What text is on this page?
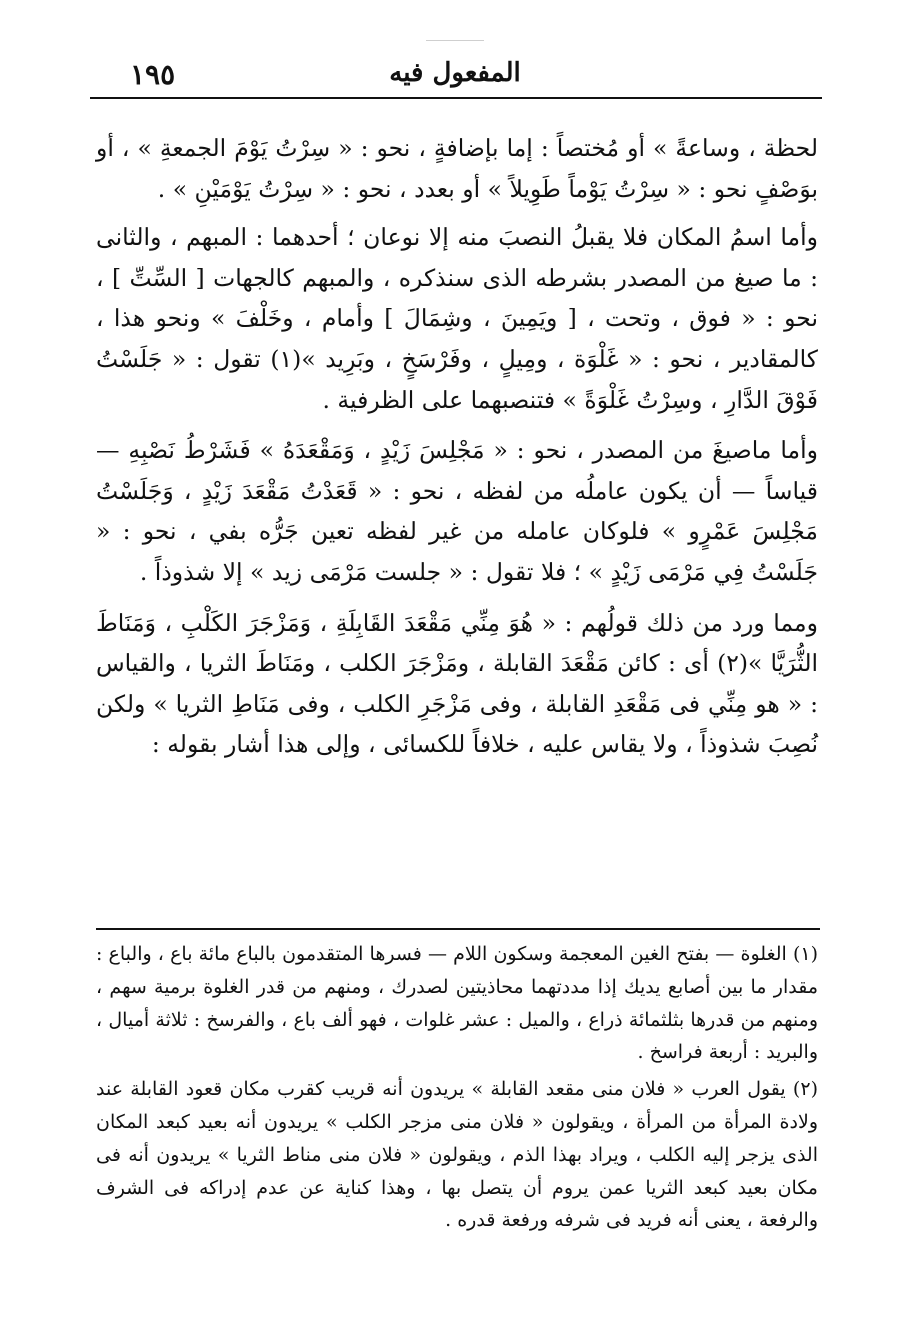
المفعول فيه
١٩٥

لحظة ، وساعةً » أو مُختصاً : إما بإضافةٍ ، نحو : « سِرْتُ يَوْمَ الجمعةِ » ، أو بوَصْفٍ نحو : « سِرْتُ يَوْماً طَوِيلاً » أو بعدد ، نحو : « سِرْتُ يَوْمَيْنِ » .

وأما اسمُ المكان فلا يقبلُ النصبَ منه إلا نوعان ؛ أحدهما : المبهم ، والثانى : ما صيغ من المصدر بشرطه الذى سنذكره ، والمبهم كالجهات [ السِّتِّ ] ، نحو : « فوق ، وتحت ، [ ويَمِينَ ، وشِمَالَ ] وأمام ، وخَلْفَ » ونحو هذا ، كالمقادير ، نحو : « غَلْوَة ، ومِيلٍ ، وفَرْسَخٍ ، وبَرِيد »(١) تقول : « جَلَسْتُ فَوْقَ الدَّارِ ، وسِرْتُ غَلْوَةً » فتنصبهما على الظرفية .

وأما ماصيغَ من المصدر ، نحو : « مَجْلِسَ زَيْدٍ ، وَمَقْعَدَهُ » فَشَرْطُ نَصْبِهِ — قياساً — أن يكون عاملُه من لفظه ، نحو : « قَعَدْتُ مَقْعَدَ زَيْدٍ ، وَجَلَسْتُ مَجْلِسَ عَمْرٍو » فلوكان عامله من غير لفظه تعين جَرُّه بفي ، نحو : « جَلَسْتُ فِي مَرْمَى زَيْدٍ » ؛ فلا تقول : « جلست مَرْمَى زيد » إلا شذوذاً .

ومما ورد من ذلك قولُهم : « هُوَ مِنِّي مَقْعَدَ القَابِلَةِ ، وَمَزْجَرَ الكَلْبِ ، وَمَنَاطَ الثُّرَيَّا »(٢) أى : كائن مَقْعَدَ القابلة ، ومَزْجَرَ الكلب ، ومَنَاطَ الثريا ، والقياس : « هو مِنِّي فى مَقْعَدِ القابلة ، وفى مَزْجَرِ الكلب ، وفى مَنَاطِ الثريا » ولكن نُصِبَ شذوذاً ، ولا يقاس عليه ، خلافاً للكسائى ، وإلى هذا أشار بقوله :

(١) الغلوة — بفتح الغين المعجمة وسكون اللام — فسرها المتقدمون بالباع مائة باع ، والباع : مقدار ما بين أصابع يديك إذا مددتهما محاذيتين لصدرك ، ومنهم من قدر الغلوة برمية سهم ، ومنهم من قدرها بثلثمائة ذراع ، والميل : عشر غلوات ، فهو ألف باع ، والفرسخ : ثلاثة أميال ، والبريد : أربعة فراسخ .

(٢) يقول العرب « فلان منى مقعد القابلة » يريدون أنه قريب كقرب مكان قعود القابلة عند ولادة المرأة من المرأة ، ويقولون « فلان منى مزجر الكلب » يريدون أنه بعيد كبعد المكان الذى يزجر إليه الكلب ، ويراد بهذا الذم ، ويقولون « فلان منى مناط الثريا » يريدون أنه فى مكان بعيد كبعد الثريا عمن يروم أن يتصل بها ، وهذا كناية عن عدم إدراكه فى الشرف والرفعة ، يعنى أنه فريد فى شرفه ورفعة قدره .
